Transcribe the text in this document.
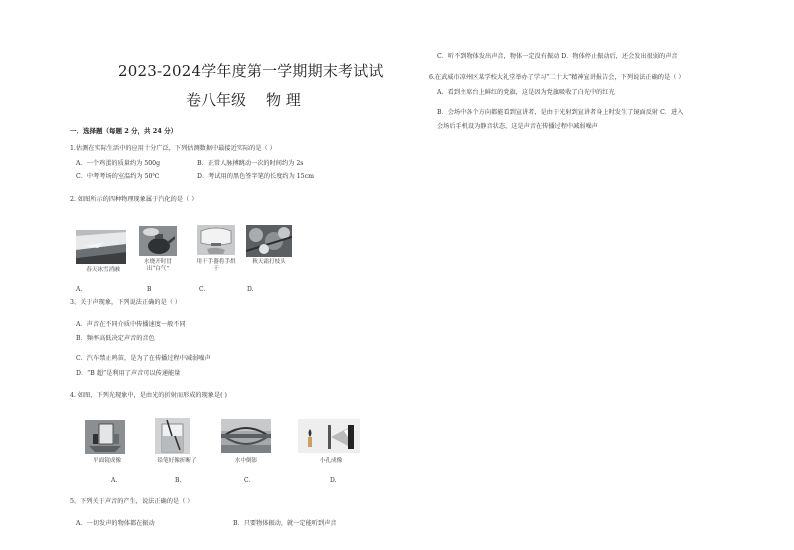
2023-2024学年度第一学期期末考试试
卷八年级 物 理
一．选择题（每题 2 分，共 24 分）
1.估测在实际生活中的应用十分广泛，下列估测数据中最接近实际的是（ ）
A．一个鸡蛋的质量约为 500g	B．正常人脉搏跳动一次的时间约为 2s
C．中考考场的室温约为 50℃	D．考试用的黑色签字笔的长度约为 15cm
2. 如图所示的四种物理现象属于汽化的是（ ）
春天冰雪消融
水烧开时冒出“白气”
用干手器将手烘干
秋天霜打枝头
A.	B	C.	D.
3、关于声现象，下列说法正确的是（ ）
A．声音在不同介质中传播速度一般不同
B．频率高低决定声音的音色
C．汽车禁止鸣笛，是为了在传播过程中减弱噪声
D．“B 超”是利用了声音可以传递能量
4. 如图，下列光现象中，是由光的折射而形成的现象是( )
平面镜成像	铅笔好像折断了	水中倒影	小孔成像
A.	B.	C.	D.
5、下列关于声音的产生，说法正确的是（ ）
A．一切发声的物体都在振动	B．只要物体振动，就一定能听到声音
C．听不到物体发出声音，物体一定没有振动 D．物体停止振动后，还会发出很弱的声音
6.在武威市凉州区某学校大礼堂举办了学习“二十大”精神宣讲报告会，下列说法正确的是（ ）
A．看到主席台上鲜红的党旗，这是因为党旗吸收了白光中的红光
B．会场中各个方向都能看到宣讲者，是由于光射到宣讲者身上时发生了镜面反射 C．进入
会场后手机设为静音状态，这是声音在传播过程中减弱噪声
